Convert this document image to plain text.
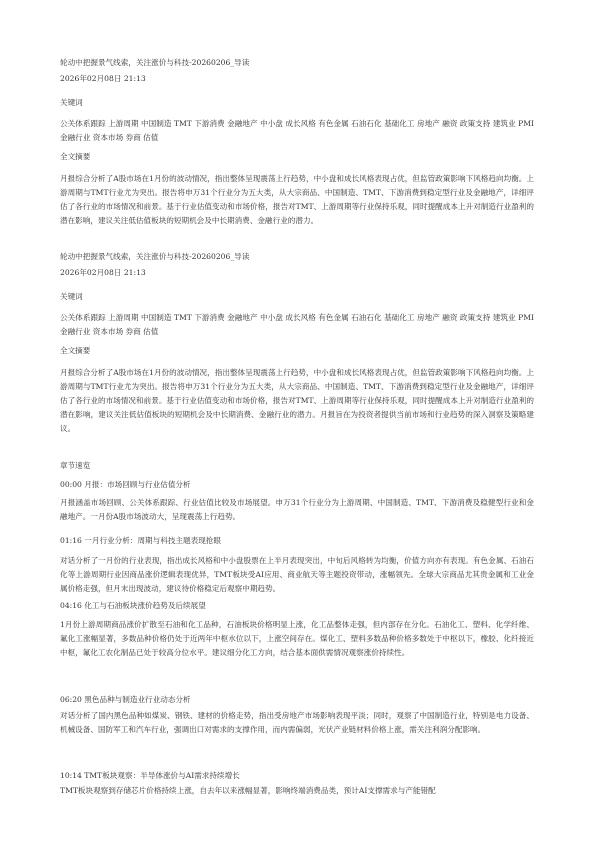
轮动中把握景气线索，关注涨价与科技-20260206_导读
2026年02月08日 21:13
关键词
公关体系跟踪 上游周期 中国制造 TMT 下游消费 金融地产 中小盘 成长风格 有色金属 石油石化 基础化工 房地产 融资 政策支持 建筑业 PMI 金融行业 资本市场 券商 估值
全文摘要
月报综合分析了A股市场在1月份的波动情况，指出整体呈现震荡上行趋势，中小盘和成长风格表现占优，但监管政策影响下风格趋向均衡。上游周期与TMT行业尤为突出。报告将申万31个行业分为五大类，从大宗商品、中国制造、TMT、下游消费到稳定型行业及金融地产，详细评估了各行业的市场情况和前景。基于行业估值变动和市场价格，报告对TMT、上游周期等行业保持乐观，同时提醒成本上升对制造行业盈利的潜在影响，建议关注低估值板块的短期机会及中长期消费、金融行业的潜力。
轮动中把握景气线索，关注涨价与科技-20260206_导读
2026年02月08日 21:13
关键词
公关体系跟踪 上游周期 中国制造 TMT 下游消费 金融地产 中小盘 成长风格 有色金属 石油石化 基础化工 房地产 融资 政策支持 建筑业 PMI 金融行业 资本市场 券商 估值
全文摘要
月报综合分析了A股市场在1月份的波动情况，指出整体呈现震荡上行趋势，中小盘和成长风格表现占优，但监管政策影响下风格趋向均衡。上游周期与TMT行业尤为突出。报告将申万31个行业分为五大类，从大宗商品、中国制造、TMT、下游消费到稳定型行业及金融地产，详细评估了各行业的市场情况和前景。基于行业估值变动和市场价格，报告对TMT、上游周期等行业保持乐观，同时提醒成本上升对制造行业盈利的潜在影响，建议关注低估值板块的短期机会及中长期消费、金融行业的潜力。月报旨在为投资者提供当前市场和行业趋势的深入洞察及策略建议。
章节速览
00:00 月报：市场回顾与行业估值分析
月报涵盖市场回顾、公关体系跟踪、行业估值比较及市场展望。申万31个行业分为上游周期、中国制造、TMT、下游消费及稳健型行业和金融地产。一月份A股市场波动大，呈现震荡上行趋势。
01:16 一月行业分析：周期与科技主题表现抢眼
对话分析了一月份的行业表现，指出成长风格和中小盘股票在上半月表现突出，中旬后风格转为均衡，价值方向亦有表现。有色金属、石油石化等上游周期行业因商品涨价逻辑表现优异，TMT板块受AI应用、商业航天等主题投资带动，涨幅领先。全球大宗商品尤其贵金属和工业金属价格走强，但月末出现波动，建议待价格稳定后观察中期趋势。
04:16 化工与石油板块涨价趋势及后续展望
1月份上游周期商品涨价扩散至石油和化工品种，石油板块价格明显上涨，化工品整体走强，但内部存在分化。石油化工、塑料、化学纤维、氟化工涨幅显著，多数品种价格仍处于近两年中枢水位以下，上涨空间存在。煤化工、塑料多数品种价格多数处于中枢以下，橡胶、化纤接近中枢，氟化工农化制品已处于较高分位水平。建议细分化工方向，结合基本面供需情况观察涨价持续性。
06:20 黑色品种与制造业行业动态分析
对话分析了国内黑色品种如煤炭、钢铁、建材的价格走势，指出受房地产市场影响表现平淡；同时，观察了中国制造行业，特别是电力设备、机械设备、国防军工和汽车行业，强调出口对需求的支撑作用，而内需偏弱，光伏产业链材料价格上涨，需关注利润分配影响。
10:14 TMT板块观察：半导体涨价与AI需求持续增长
TMT板块观察到存储芯片价格持续上涨，自去年以来涨幅显著，影响终端消费品类，预计AI支撑需求与产能错配
